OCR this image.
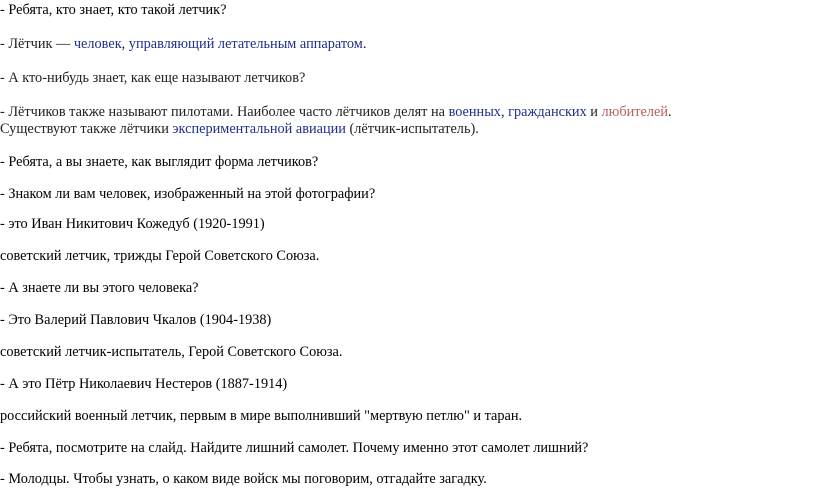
- Ребята, кто знает, кто такой летчик?
- Лётчик — человек, управляющий летательным аппаратом.
- А кто-нибудь знает, как еще называют летчиков?
- Лётчиков также называют пилотами. Наиболее часто лётчиков делят на военных, гражданских и любителей.
Существуют также лётчики экспериментальной авиации (лётчик-испытатель).
- Ребята, а вы знаете, как выглядит форма летчиков?
- Знаком ли вам человек, изображенный на этой фотографии?
- это Иван Никитович Кожедуб (1920-1991)
советский летчик, трижды Герой Советского Союза.
- А знаете ли вы этого человека?
- Это Валерий Павлович Чкалов (1904-1938)
советский летчик-испытатель, Герой Советского Союза.
- А это Пётр Николаевич Нестеров (1887-1914)
российский военный летчик, первым в мире выполнивший "мертвую петлю" и таран.
- Ребята, посмотрите на слайд. Найдите лишний самолет. Почему именно этот самолет лишний?
- Молодцы. Чтобы узнать, о каком виде войск мы поговорим, отгадайте загадку.
